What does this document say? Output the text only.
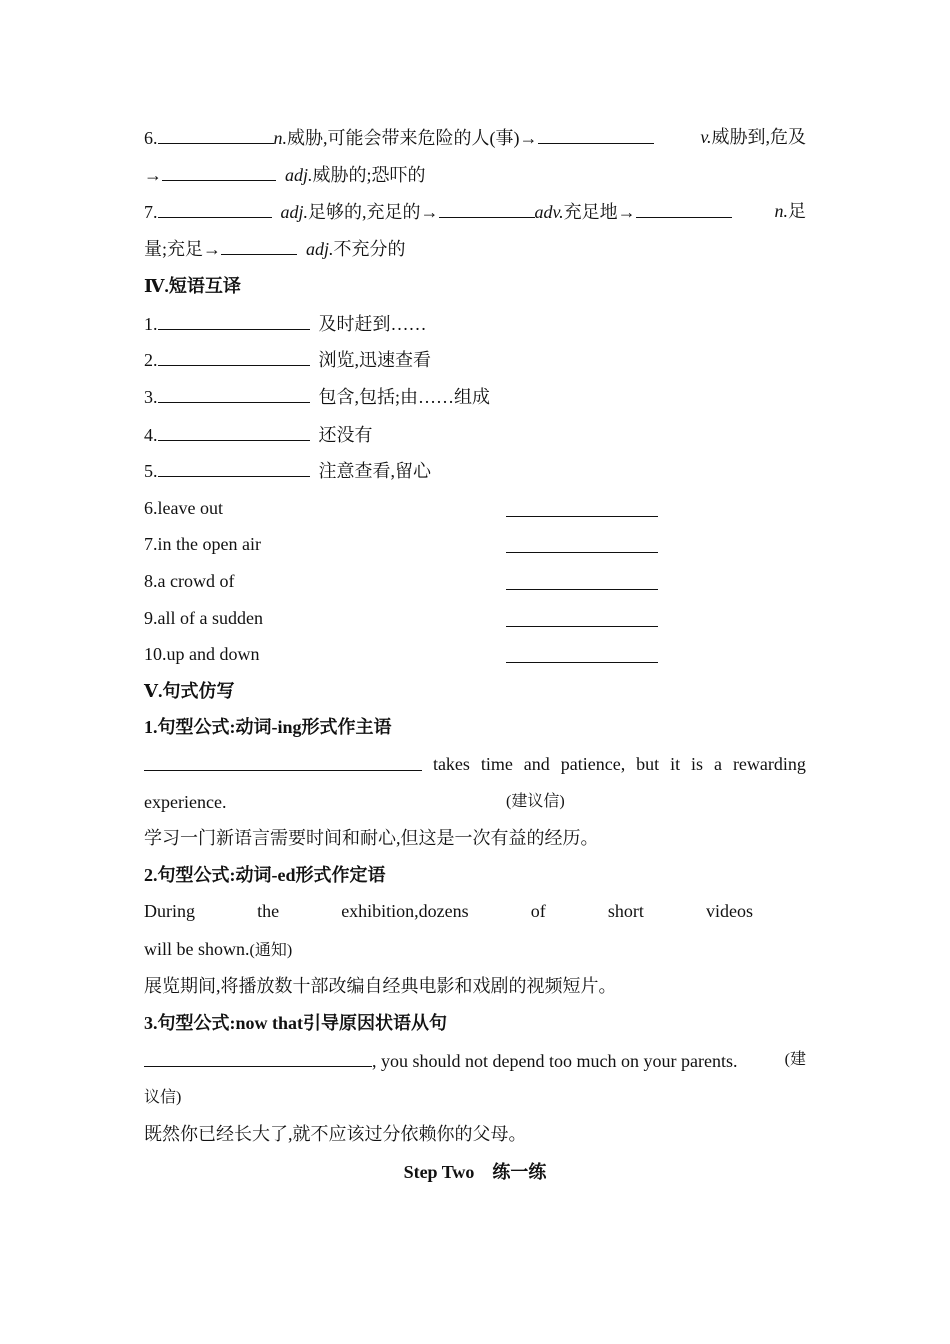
6.	n.威胁,可能会带来危险的人(事)→	v.威胁到,危及
→	adj.威胁的;恐吓的
7.	adj.足够的,充足的→	adv.充足地→	n.足
量;充足→	adj.不充分的
Ⅳ.短语互译
1.	及时赶到……
2.	浏览,迅速查看
3.	包含,包括;由……组成
4.	还没有
5.	注意查看,留心
6.leave out
7.in the open air
8.a crowd of
9.all of a sudden
10.up and down
Ⅴ.句式仿写
1.句型公式:动词-ing形式作主语
takes time and patience, but it is a rewarding
experience.	(建议信)
学习一门新语言需要时间和耐心,但这是一次有益的经历。
2.句型公式:动词-ed形式作定语
During	the	exhibition,dozens	of	short	videos
will be shown.(通知)
展览期间,将播放数十部改编自经典电影和戏剧的视频短片。
3.句型公式:now that引导原因状语从句
, you should not depend too much on your parents.	(建
议信)
既然你已经长大了,就不应该过分依赖你的父母。
Step Two 练一练
